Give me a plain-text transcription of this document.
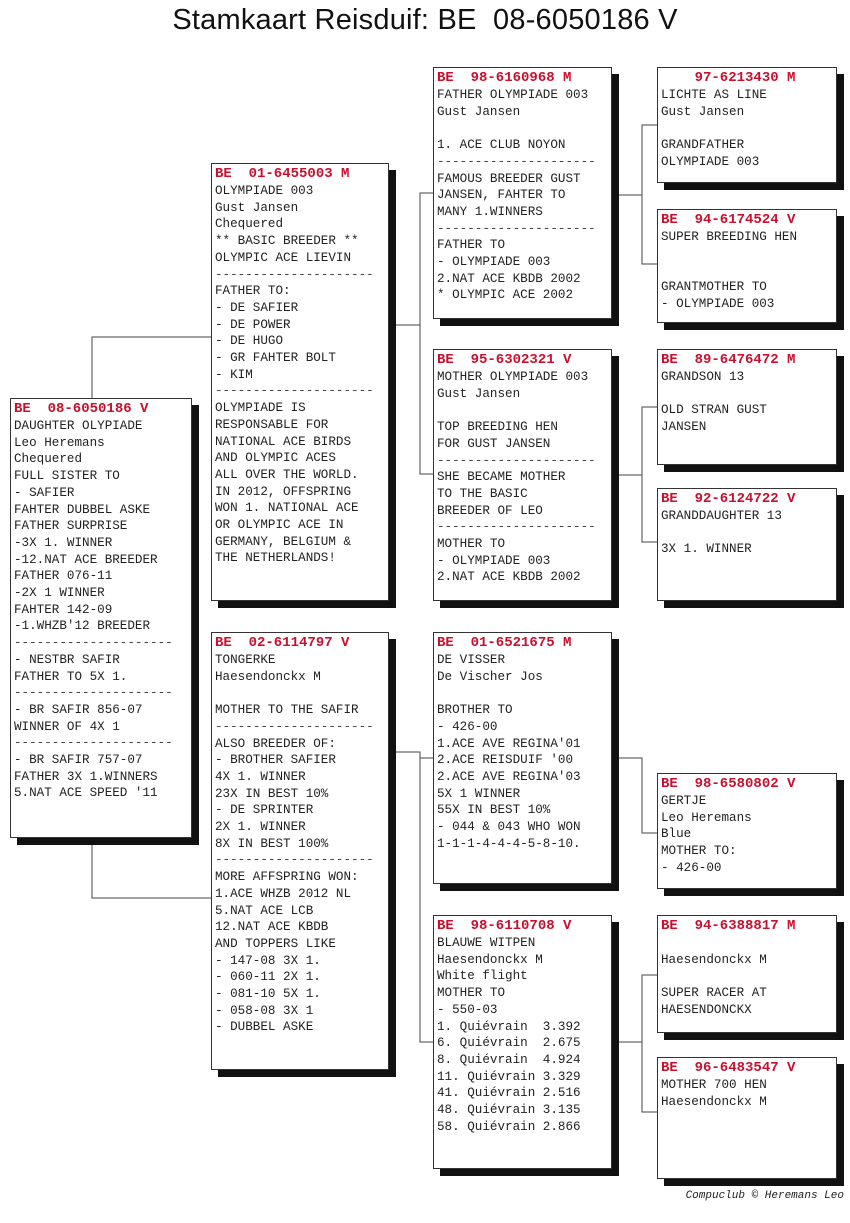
Stamkaart Reisduif: BE  08-6050186 V
BE  08-6050186 V
DAUGHTER OLYPIADE
Leo Heremans
Chequered
FULL SISTER TO
- SAFIER
FAHTER DUBBEL ASKE
FATHER SURPRISE
-3X 1. WINNER
-12.NAT ACE BREEDER
FATHER 076-11
-2X 1 WINNER
FAHTER 142-09
-1.WHZB'12 BREEDER
---------------------
- NESTBR SAFIR
FATHER TO 5X 1.
---------------------
- BR SAFIR 856-07
WINNER OF 4X 1
---------------------
- BR SAFIR 757-07
FATHER 3X 1.WINNERS
5.NAT ACE SPEED '11
BE  01-6455003 M
OLYMPIADE 003
Gust Jansen
Chequered
** BASIC BREEDER **
OLYMPIC ACE LIEVIN
---------------------
FATHER TO:
- DE SAFIER
- DE POWER
- DE HUGO
- GR FAHTER BOLT
- KIM
---------------------
OLYMPIADE IS
RESPONSABLE FOR
NATIONAL ACE BIRDS
AND OLYMPIC ACES
ALL OVER THE WORLD.
IN 2012, OFFSPRING
WON 1. NATIONAL ACE
OR OLYMPIC ACE IN
GERMANY, BELGIUM &
THE NETHERLANDS!
BE  02-6114797 V
TONGERKE
Haesendonckx M

MOTHER TO THE SAFIR
---------------------
ALSO BREEDER OF:
- BROTHER SAFIER
4X 1. WINNER
23X IN BEST 10%
- DE SPRINTER
2X 1. WINNER
8X IN BEST 100%
---------------------
MORE AFFSPRING WON:
1.ACE WHZB 2012 NL
5.NAT ACE LCB
12.NAT ACE KBDB
AND TOPPERS LIKE
- 147-08 3X 1.
- 060-11 2X 1.
- 081-10 5X 1.
- 058-08 3X 1
- DUBBEL ASKE
BE  98-6160968 M
FATHER OLYMPIADE 003
Gust Jansen

1. ACE CLUB NOYON
---------------------
FAMOUS BREEDER GUST
JANSEN, FAHTER TO
MANY 1.WINNERS
---------------------
FATHER TO
- OLYMPIADE 003
2.NAT ACE KBDB 2002
* OLYMPIC ACE 2002
BE  95-6302321 V
MOTHER OLYMPIADE 003
Gust Jansen

TOP BREEDING HEN
FOR GUST JANSEN
---------------------
SHE BECAME MOTHER
TO THE BASIC
BREEDER OF LEO
---------------------
MOTHER TO
- OLYMPIADE 003
2.NAT ACE KBDB 2002
BE  01-6521675 M
DE VISSER
De Vischer Jos

BROTHER TO
- 426-00
1.ACE AVE REGINA'01
2.ACE REISDUIF '00
2.ACE AVE REGINA'03
5X 1 WINNER
55X IN BEST 10%
- 044 & 043 WHO WON
1-1-1-4-4-4-5-8-10.
BE  98-6110708 V
BLAUWE WITPEN
Haesendonckx M
White flight
MOTHER TO
- 550-03
1. Quiévrain  3.392
6. Quiévrain  2.675
8. Quiévrain  4.924
11. Quiévrain 3.329
41. Quiévrain 2.516
48. Quiévrain 3.135
58. Quiévrain 2.866
97-6213430 M
LICHTE AS LINE
Gust Jansen

GRANDFATHER
OLYMPIADE 003
BE  94-6174524 V
SUPER BREEDING HEN

GRANTMOTHER TO
- OLYMPIADE 003
BE  89-6476472 M
GRANDSON 13

OLD STRAN GUST
JANSEN
BE  92-6124722 V
GRANDDAUGHTER 13

3X 1. WINNER
BE  98-6580802 V
GERTJE
Leo Heremans
Blue
MOTHER TO:
- 426-00
BE  94-6388817 M

Haesendonckx M

SUPER RACER AT
HAESENDONCKX
BE  96-6483547 V
MOTHER 700 HEN
Haesendonckx M
Compuclub © Heremans Leo
